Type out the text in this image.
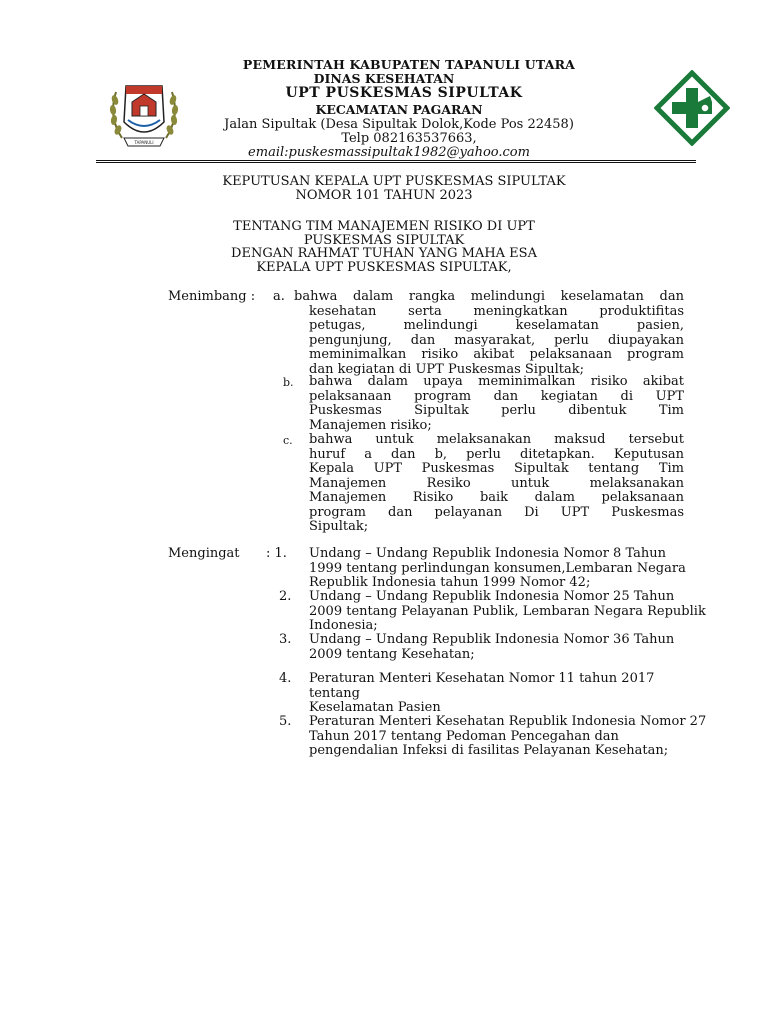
TAPANULI
PEMERINTAH KABUPATEN TAPANULI UTARA
DINAS KESEHATAN
UPT PUSKESMAS SIPULTAK
KECAMATAN PAGARAN
Jalan Sipultak (Desa Sipultak Dolok,Kode Pos 22458)
Telp 082163537663,
email:puskesmassipultak1982@yahoo.com
KEPUTUSAN KEPALA UPT PUSKESMAS SIPULTAK
NOMOR 101 TAHUN 2023
TENTANG TIM MANAJEMEN RISIKO DI UPT
PUSKESMAS SIPULTAK
DENGAN RAHMAT TUHAN YANG MAHA ESA
KEPALA UPT PUSKESMAS SIPULTAK,
Menimbang : a. bahwa dalam rangka melindungi keselamatan dan
kesehatan serta meningkatkan produktifitas
petugas, melindungi keselamatan pasien,
pengunjung, dan masyarakat, perlu diupayakan
meminimalkan risiko akibat pelaksanaan program
dan kegiatan di UPT Puskesmas Sipultak;
b. bahwa dalam upaya meminimalkan risiko akibat
pelaksanaan program dan kegiatan di UPT
Puskesmas Sipultak perlu dibentuk Tim
Manajemen risiko;
c. bahwa untuk melaksanakan maksud tersebut
huruf a dan b, perlu ditetapkan. Keputusan
Kepala UPT Puskesmas Sipultak tentang Tim
Manajemen Resiko untuk melaksanakan
Manajemen Risiko baik dalam pelaksanaan
program dan pelayanan Di UPT Puskesmas
Sipultak;
Mengingat : 1. Undang – Undang Republik Indonesia Nomor 8 Tahun
1999 tentang perlindungan konsumen,Lembaran Negara
Republik Indonesia tahun 1999 Nomor 42;
2. Undang – Undang Republik Indonesia Nomor 25 Tahun
2009 tentang Pelayanan Publik, Lembaran Negara Republik
Indonesia;
3. Undang – Undang Republik Indonesia Nomor 36 Tahun
2009 tentang Kesehatan;
4. Peraturan Menteri Kesehatan Nomor 11 tahun 2017
tentang
Keselamatan Pasien
5. Peraturan Menteri Kesehatan Republik Indonesia Nomor 27
Tahun 2017 tentang Pedoman Pencegahan dan
pengendalian Infeksi di fasilitas Pelayanan Kesehatan;
